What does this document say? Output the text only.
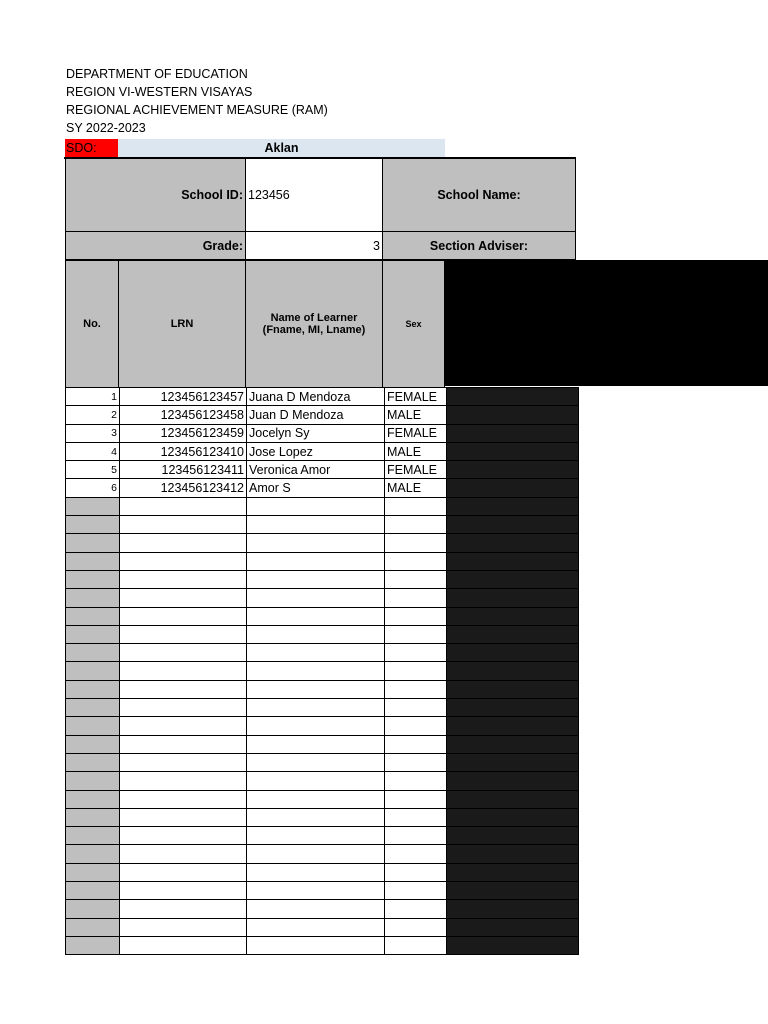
DEPARTMENT OF EDUCATION
REGION VI-WESTERN VISAYAS
REGIONAL ACHIEVEMENT MEASURE (RAM)
SY 2022-2023
SDO:	Aklan
School ID: 123456	School Name:
Grade:	3	Section Adviser:
No.	LRN	Name of Learner (Fname, MI, Lname)	Sex
1	123456123457	Juana D Mendoza	FEMALE	
2	123456123458	Juan D Mendoza	MALE	
3	123456123459	Jocelyn Sy	FEMALE	
4	123456123410	Jose Lopez	MALE	
5	123456123411	Veronica Amor	FEMALE	
6	123456123412	Amor S	MALE	
